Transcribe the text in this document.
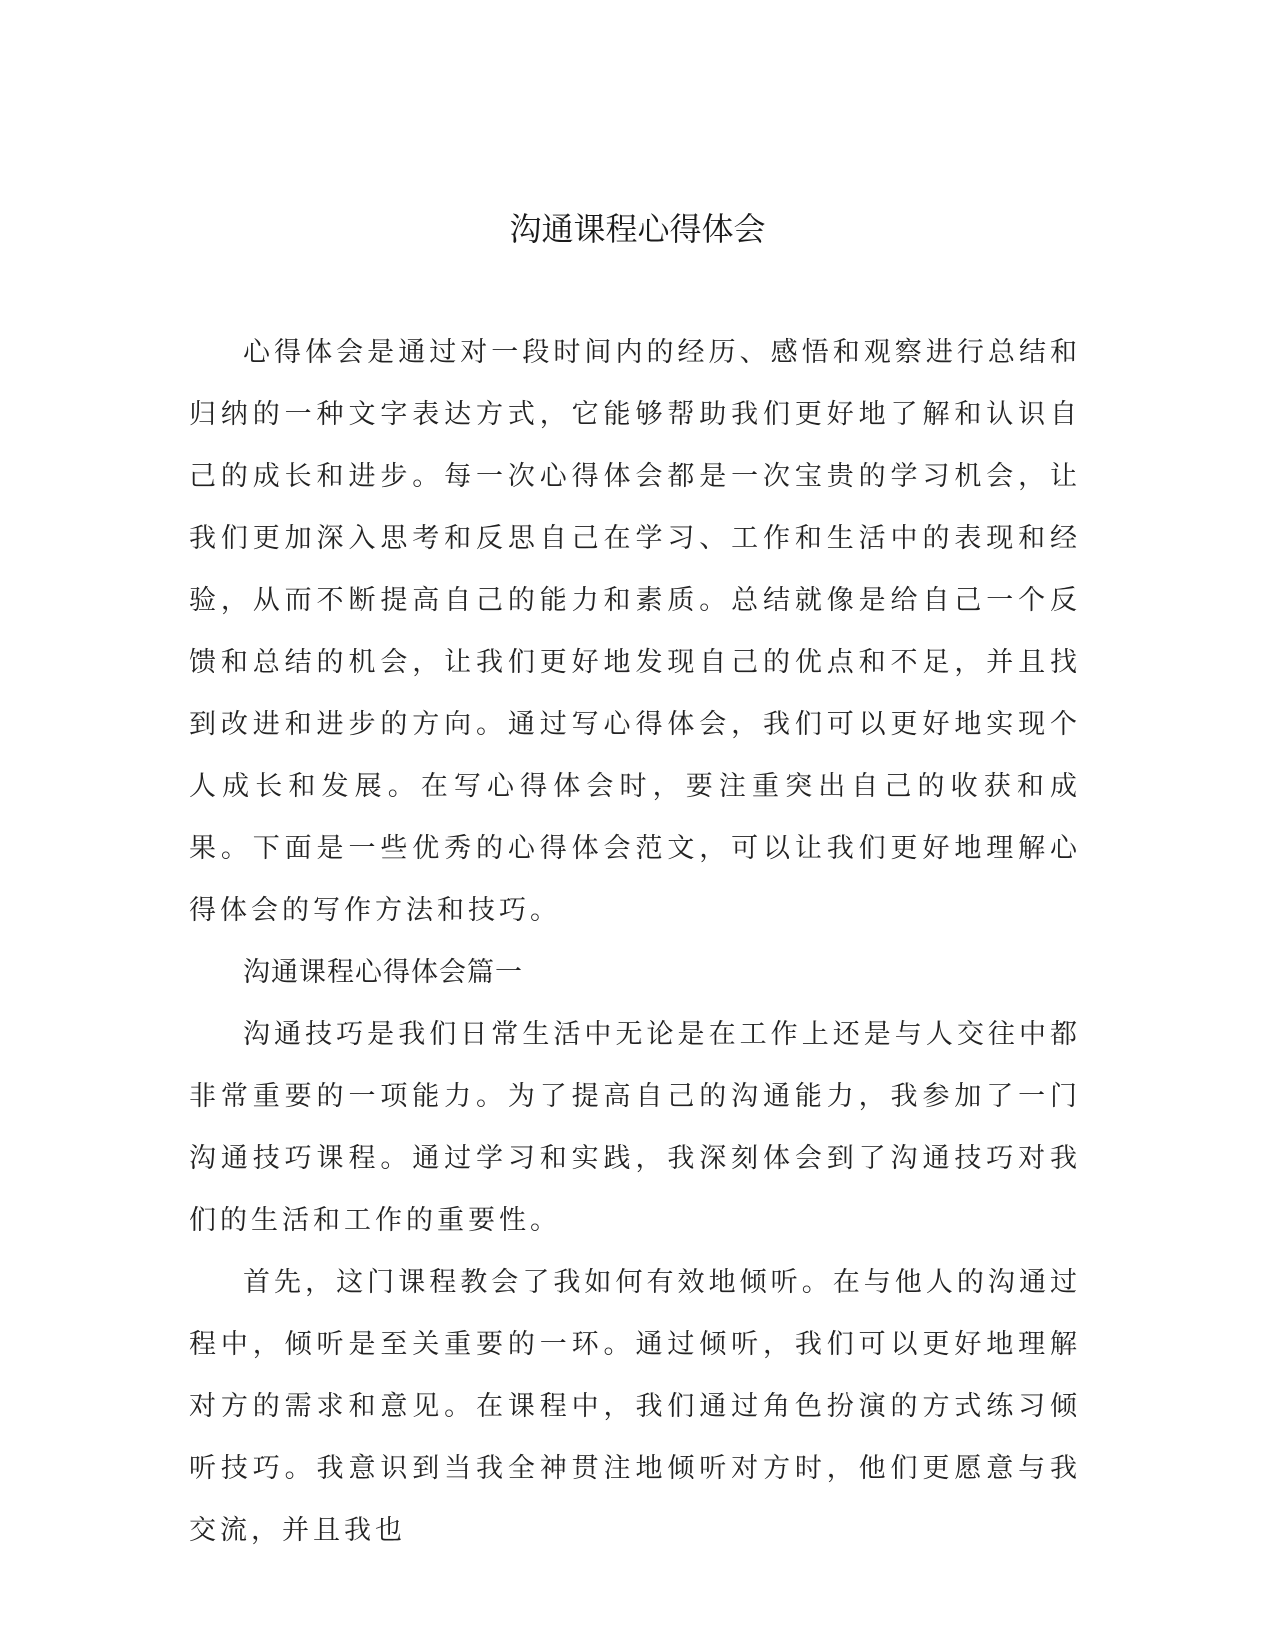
沟通课程心得体会

心得体会是通过对一段时间内的经历、感悟和观察进行总结和归纳的一种文字表达方式，它能够帮助我们更好地了解和认识自己的成长和进步。每一次心得体会都是一次宝贵的学习机会，让我们更加深入思考和反思自己在学习、工作和生活中的表现和经验，从而不断提高自己的能力和素质。总结就像是给自己一个反馈和总结的机会，让我们更好地发现自己的优点和不足，并且找到改进和进步的方向。通过写心得体会，我们可以更好地实现个人成长和发展。在写心得体会时，要注重突出自己的收获和成果。下面是一些优秀的心得体会范文，可以让我们更好地理解心得体会的写作方法和技巧。

沟通课程心得体会篇一

沟通技巧是我们日常生活中无论是在工作上还是与人交往中都非常重要的一项能力。为了提高自己的沟通能力，我参加了一门沟通技巧课程。通过学习和实践，我深刻体会到了沟通技巧对我们的生活和工作的重要性。

首先，这门课程教会了我如何有效地倾听。在与他人的沟通过程中，倾听是至关重要的一环。通过倾听，我们可以更好地理解对方的需求和意见。在课程中，我们通过角色扮演的方式练习倾听技巧。我意识到当我全神贯注地倾听对方时，他们更愿意与我交流，并且我也
